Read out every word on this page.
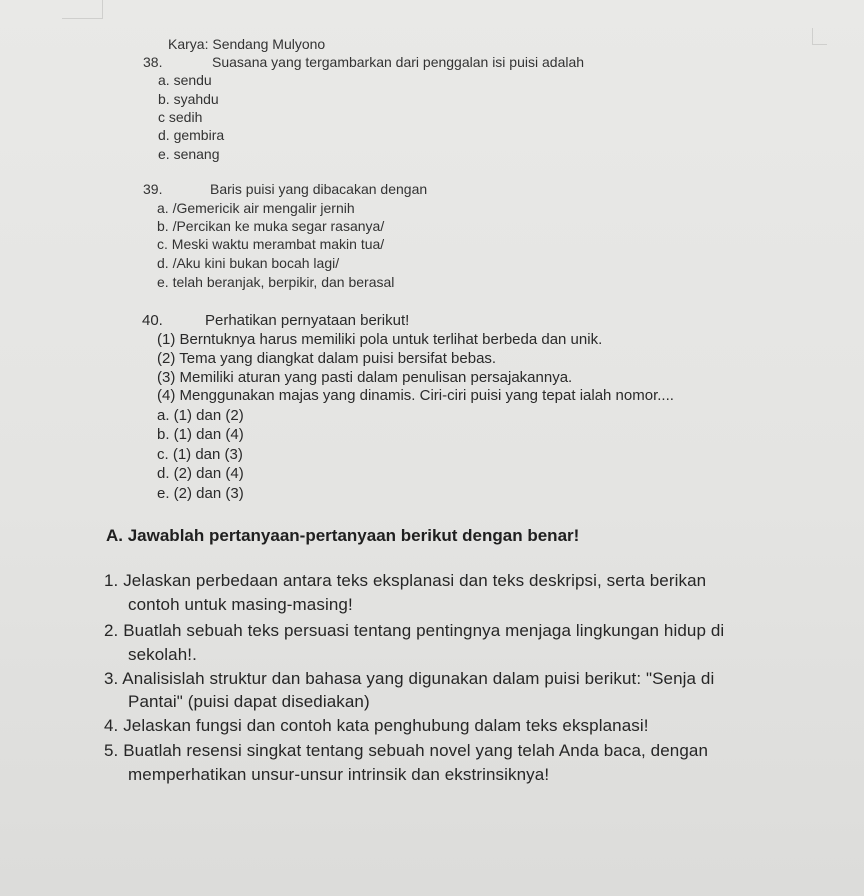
Karya: Sendang Mulyono
38.	Suasana yang tergambarkan dari penggalan isi puisi adalah
a. sendu
b. syahdu
c sedih
d. gembira
e. senang
39.	Baris puisi yang dibacakan dengan
a. /Gemericik air mengalir jernih
b. /Percikan ke muka segar rasanya/
c. Meski waktu merambat makin tua/
d. /Aku kini bukan bocah lagi/
e. telah beranjak, berpikir, dan berasal
40.	Perhatikan pernyataan berikut!
(1) Berntuknya harus memiliki pola untuk terlihat berbeda dan unik.
(2) Tema yang diangkat dalam puisi bersifat bebas.
(3) Memiliki aturan yang pasti dalam penulisan persajakannya.
(4) Menggunakan majas yang dinamis. Ciri-ciri puisi yang tepat ialah nomor....
a. (1) dan (2)
b. (1) dan (4)
c. (1) dan (3)
d. (2) dan (4)
e. (2) dan (3)
A. Jawablah pertanyaan-pertanyaan berikut dengan benar!
1. Jelaskan perbedaan antara teks eksplanasi dan teks deskripsi, serta berikan
contoh untuk masing-masing!
2. Buatlah sebuah teks persuasi tentang pentingnya menjaga lingkungan hidup di
sekolah!.
3. Analisislah struktur dan bahasa yang digunakan dalam puisi berikut: "Senja di
Pantai" (puisi dapat disediakan)
4. Jelaskan fungsi dan contoh kata penghubung dalam teks eksplanasi!
5. Buatlah resensi singkat tentang sebuah novel yang telah Anda baca, dengan
memperhatikan unsur-unsur intrinsik dan ekstrinsiknya!
